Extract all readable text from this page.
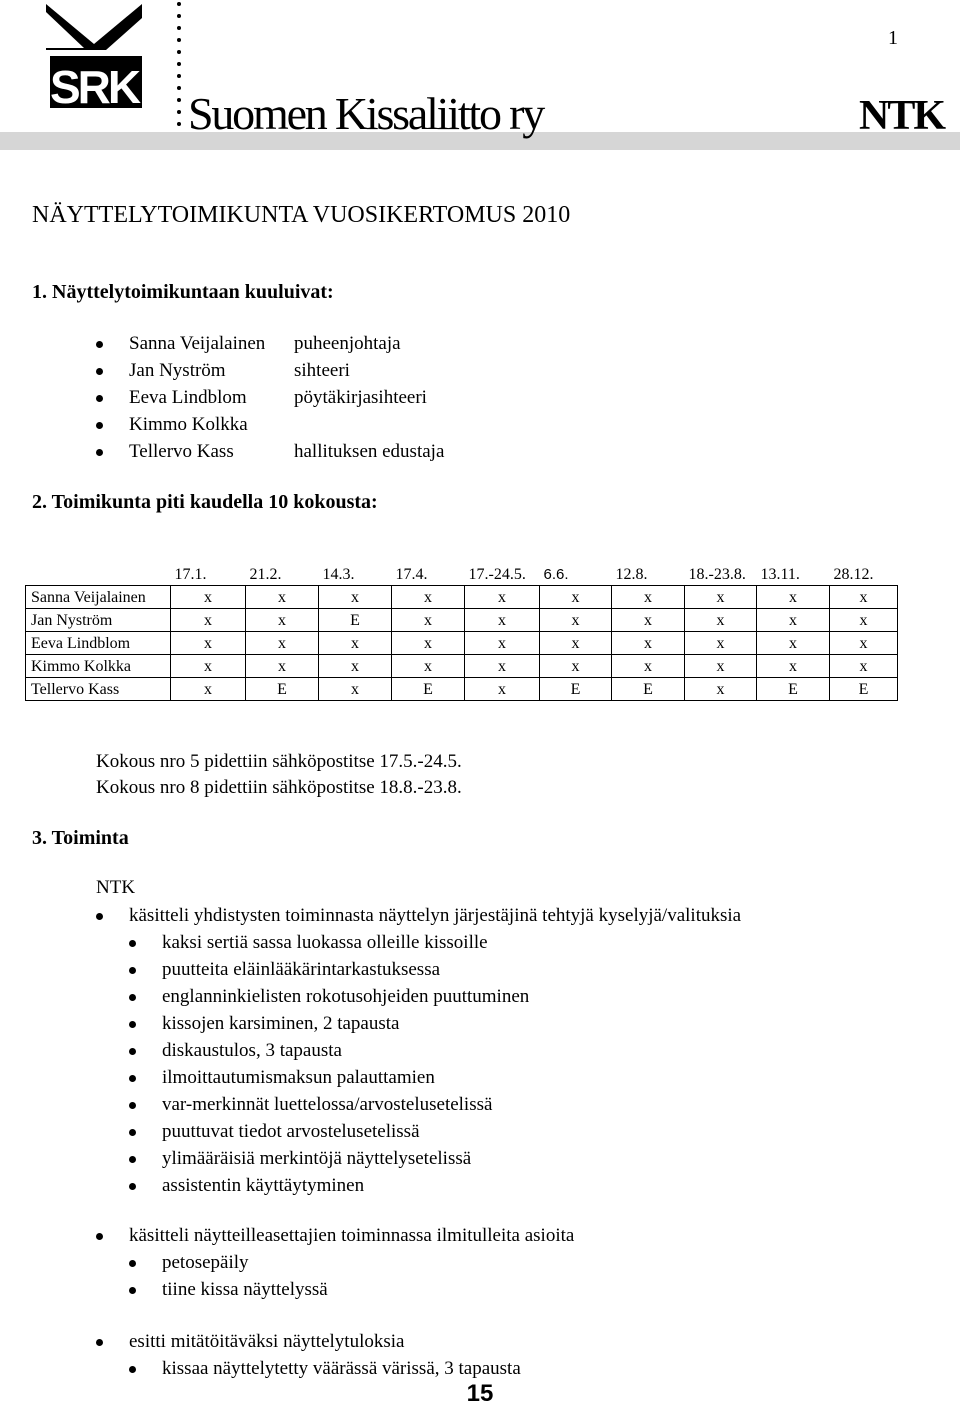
SRK
1
Suomen Kissaliitto ry	NTK
NÄYTTELYTOIMIKUNTA VUOSIKERTOMUS 2010
1. Näyttelytoimikuntaan kuuluivat:
Sanna Veijalainen puheenjohtaja
Jan Nyström	sihteeri
Eeva Lindblom pöytäkirjasihteeri
Kimmo Kolkka
Tellervo Kass	hallituksen edustaja
2. Toimikunta piti kaudella 10 kokousta:
	17.1.	21.2.	14.3.	17.4.	17.-24.5.	6.6.	12.8.	18.-23.8.	13.11.	28.12.
Sanna Veijalainen	x	x	x	x	x	x	x	x	x	x
Jan Nyström	x	x	E	x	x	x	x	x	x	x
Eeva Lindblom	x	x	x	x	x	x	x	x	x	x
Kimmo Kolkka	x	x	x	x	x	x	x	x	x	x
Tellervo Kass	x	E	x	E	x	E	E	x	E	E
Kokous nro 5 pidettiin sähköpostitse 17.5.-24.5.
Kokous nro 8 pidettiin sähköpostitse 18.8.-23.8.
3. Toiminta
NTK
käsitteli yhdistysten toiminnasta näyttelyn järjestäjinä tehtyjä kyselyjä/valituksia
kaksi sertiä sassa luokassa olleille kissoille
puutteita eläinlääkärintarkastuksessa
englanninkielisten rokotusohjeiden puuttuminen
kissojen karsiminen, 2 tapausta
diskaustulos, 3 tapausta
ilmoittautumismaksun palauttamien
var-merkinnät luettelossa/arvostelusetelissä
puuttuvat tiedot arvostelusetelissä
ylimääräisiä merkintöjä näyttelysetelissä
assistentin käyttäytyminen
käsitteli näytteilleasettajien toiminnassa ilmitulleita asioita
petosepäily
tiine kissa näyttelyssä
esitti mitätöitäväksi näyttelytuloksia
kissaa näyttelytetty väärässä värissä, 3 tapausta
15
